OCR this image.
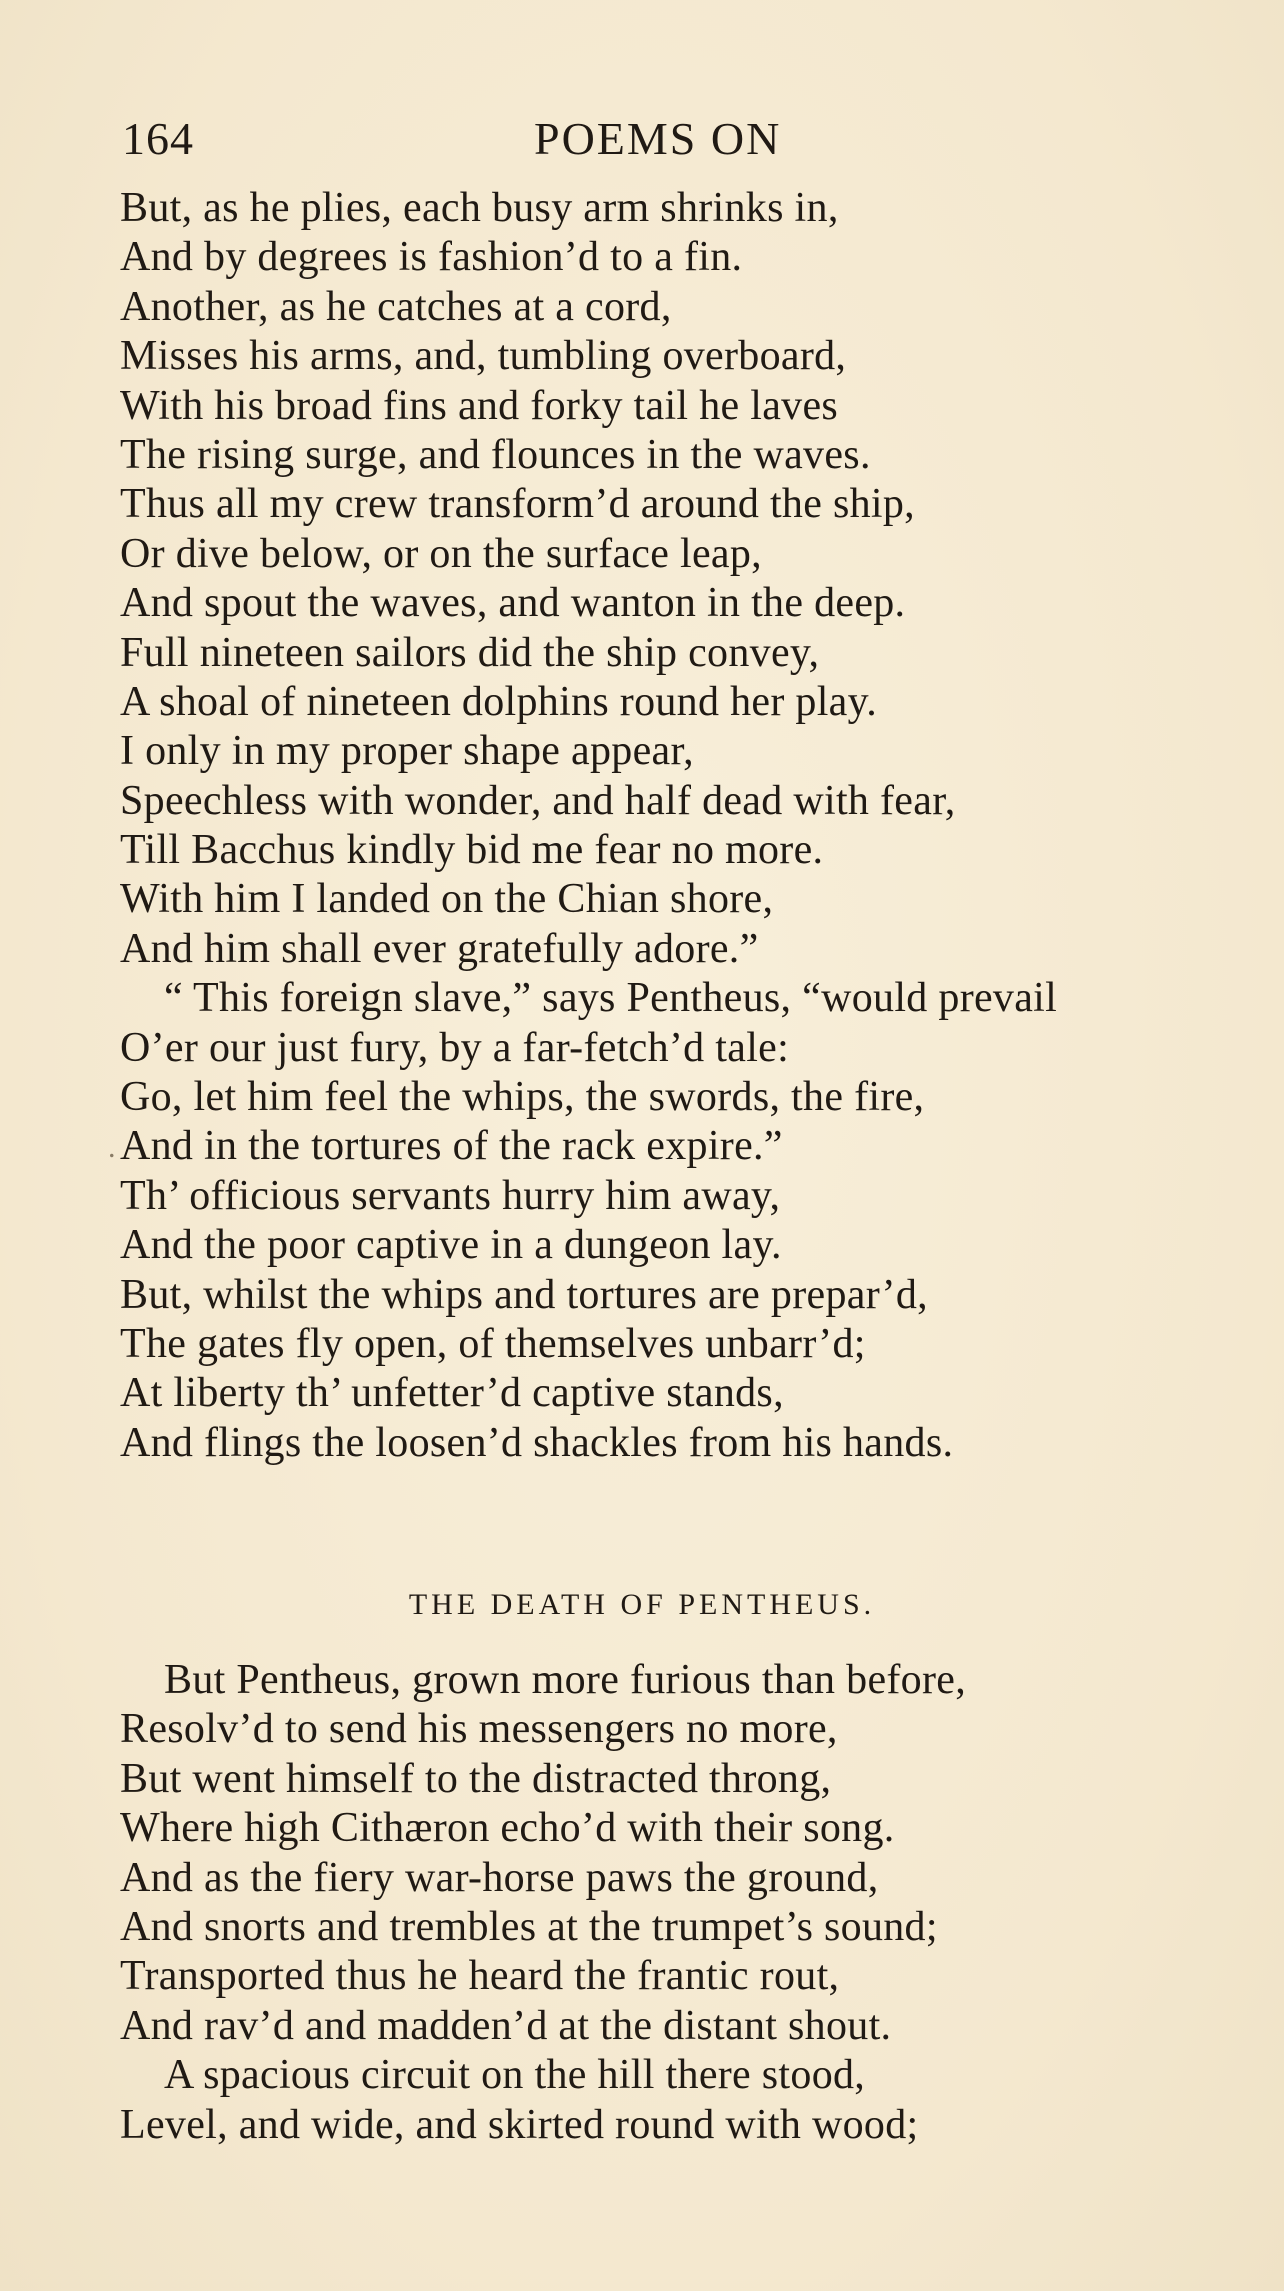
164	POEMS ON
But, as he plies, each busy arm shrinks in,
And by degrees is fashion’d to a fin.
Another, as he catches at a cord,
Misses his arms, and, tumbling overboard,
With his broad fins and forky tail he laves
The rising surge, and flounces in the waves.
Thus all my crew transform’d around the ship,
Or dive below, or on the surface leap,
And spout the waves, and wanton in the deep.
Full nineteen sailors did the ship convey,
A shoal of nineteen dolphins round her play.
I only in my proper shape appear,
Speechless with wonder, and half dead with fear,
Till Bacchus kindly bid me fear no more.
With him I landed on the Chian shore,
And him shall ever gratefully adore.”
“ This foreign slave,” says Pentheus, “would prevail
O’er our just fury, by a far-fetch’d tale:
Go, let him feel the whips, the swords, the fire,
And in the tortures of the rack expire.”
Th’ officious servants hurry him away,
And the poor captive in a dungeon lay.
But, whilst the whips and tortures are prepar’d,
The gates fly open, of themselves unbarr’d;
At liberty th’ unfetter’d captive stands,
And flings the loosen’d shackles from his hands.
THE DEATH OF PENTHEUS.
But Pentheus, grown more furious than before,
Resolv’d to send his messengers no more,
But went himself to the distracted throng,
Where high Cithæron echo’d with their song.
And as the fiery war-horse paws the ground,
And snorts and trembles at the trumpet’s sound;
Transported thus he heard the frantic rout,
And rav’d and madden’d at the distant shout.
A spacious circuit on the hill there stood,
Level, and wide, and skirted round with wood;
.
